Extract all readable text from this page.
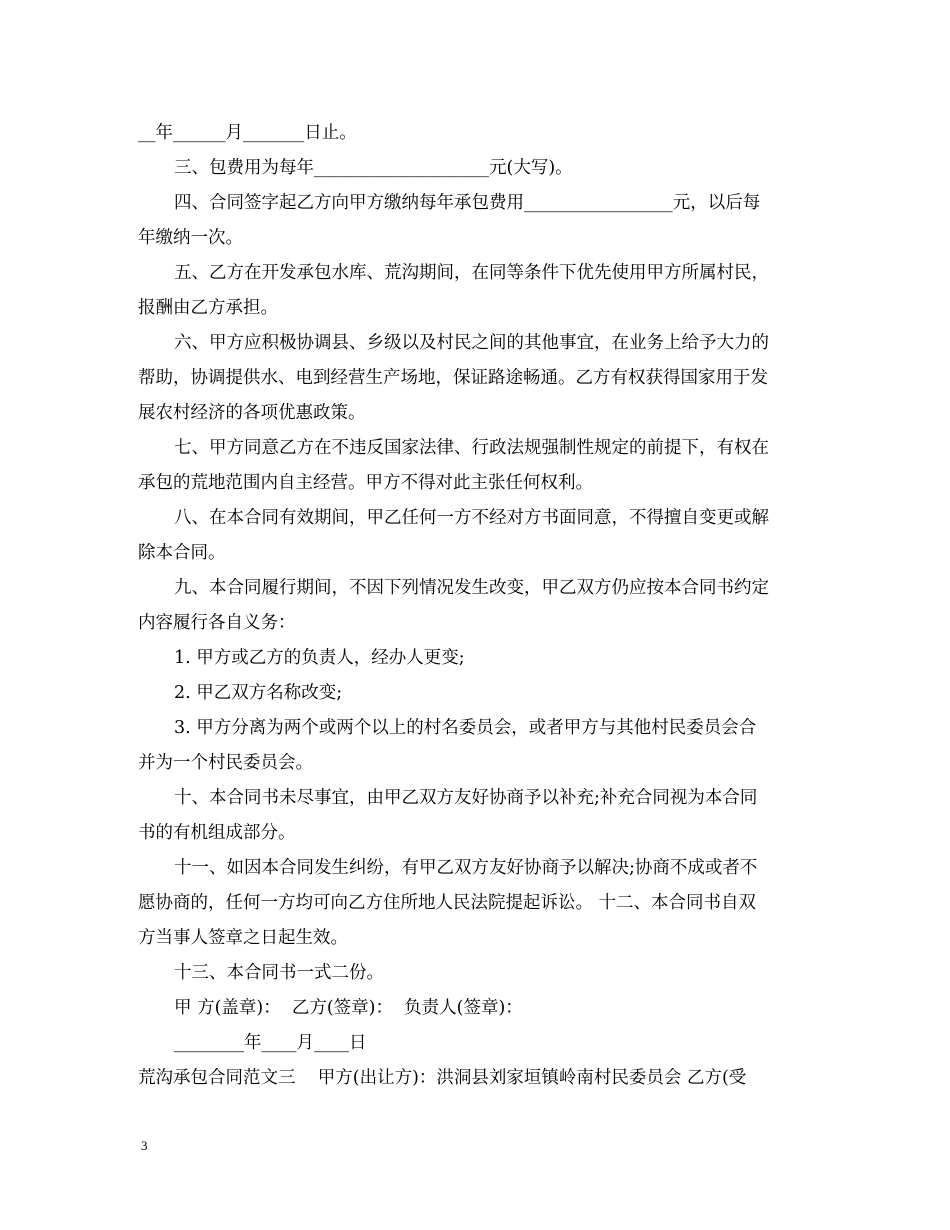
__年______月_______日止。
三、包费用为每年____________________元(大写)。
四、合同签字起乙方向甲方缴纳每年承包费用_________________元，以后每
年缴纳一次。
五、乙方在开发承包水库、荒沟期间，在同等条件下优先使用甲方所属村民，
报酬由乙方承担。
六、甲方应积极协调县、乡级以及村民之间的其他事宜，在业务上给予大力的
帮助，协调提供水、电到经营生产场地，保证路途畅通。乙方有权获得国家用于发
展农村经济的各项优惠政策。
七、甲方同意乙方在不违反国家法律、行政法规强制性规定的前提下，有权在
承包的荒地范围内自主经营。甲方不得对此主张任何权利。
八、在本合同有效期间，甲乙任何一方不经对方书面同意，不得擅自变更或解
除本合同。
九、本合同履行期间，不因下列情况发生改变，甲乙双方仍应按本合同书约定
内容履行各自义务：
1. 甲方或乙方的负责人，经办人更变;
2. 甲乙双方名称改变;
3. 甲方分离为两个或两个以上的村名委员会，或者甲方与其他村民委员会合
并为一个村民委员会。
十、本合同书未尽事宜，由甲乙双方友好协商予以补充;补充合同视为本合同
书的有机组成部分。
十一、如因本合同发生纠纷，有甲乙双方友好协商予以解决;协商不成或者不
愿协商的，任何一方均可向乙方住所地人民法院提起诉讼。 十二、本合同书自双
方当事人签章之日起生效。
十三、本合同书一式二份。
甲 方(盖章)：  乙方(签章)：  负责人(签章)：
________年____月____日
荒沟承包合同范文三    甲方(出让方)：洪洞县刘家垣镇岭南村民委员会 乙方(受
3
